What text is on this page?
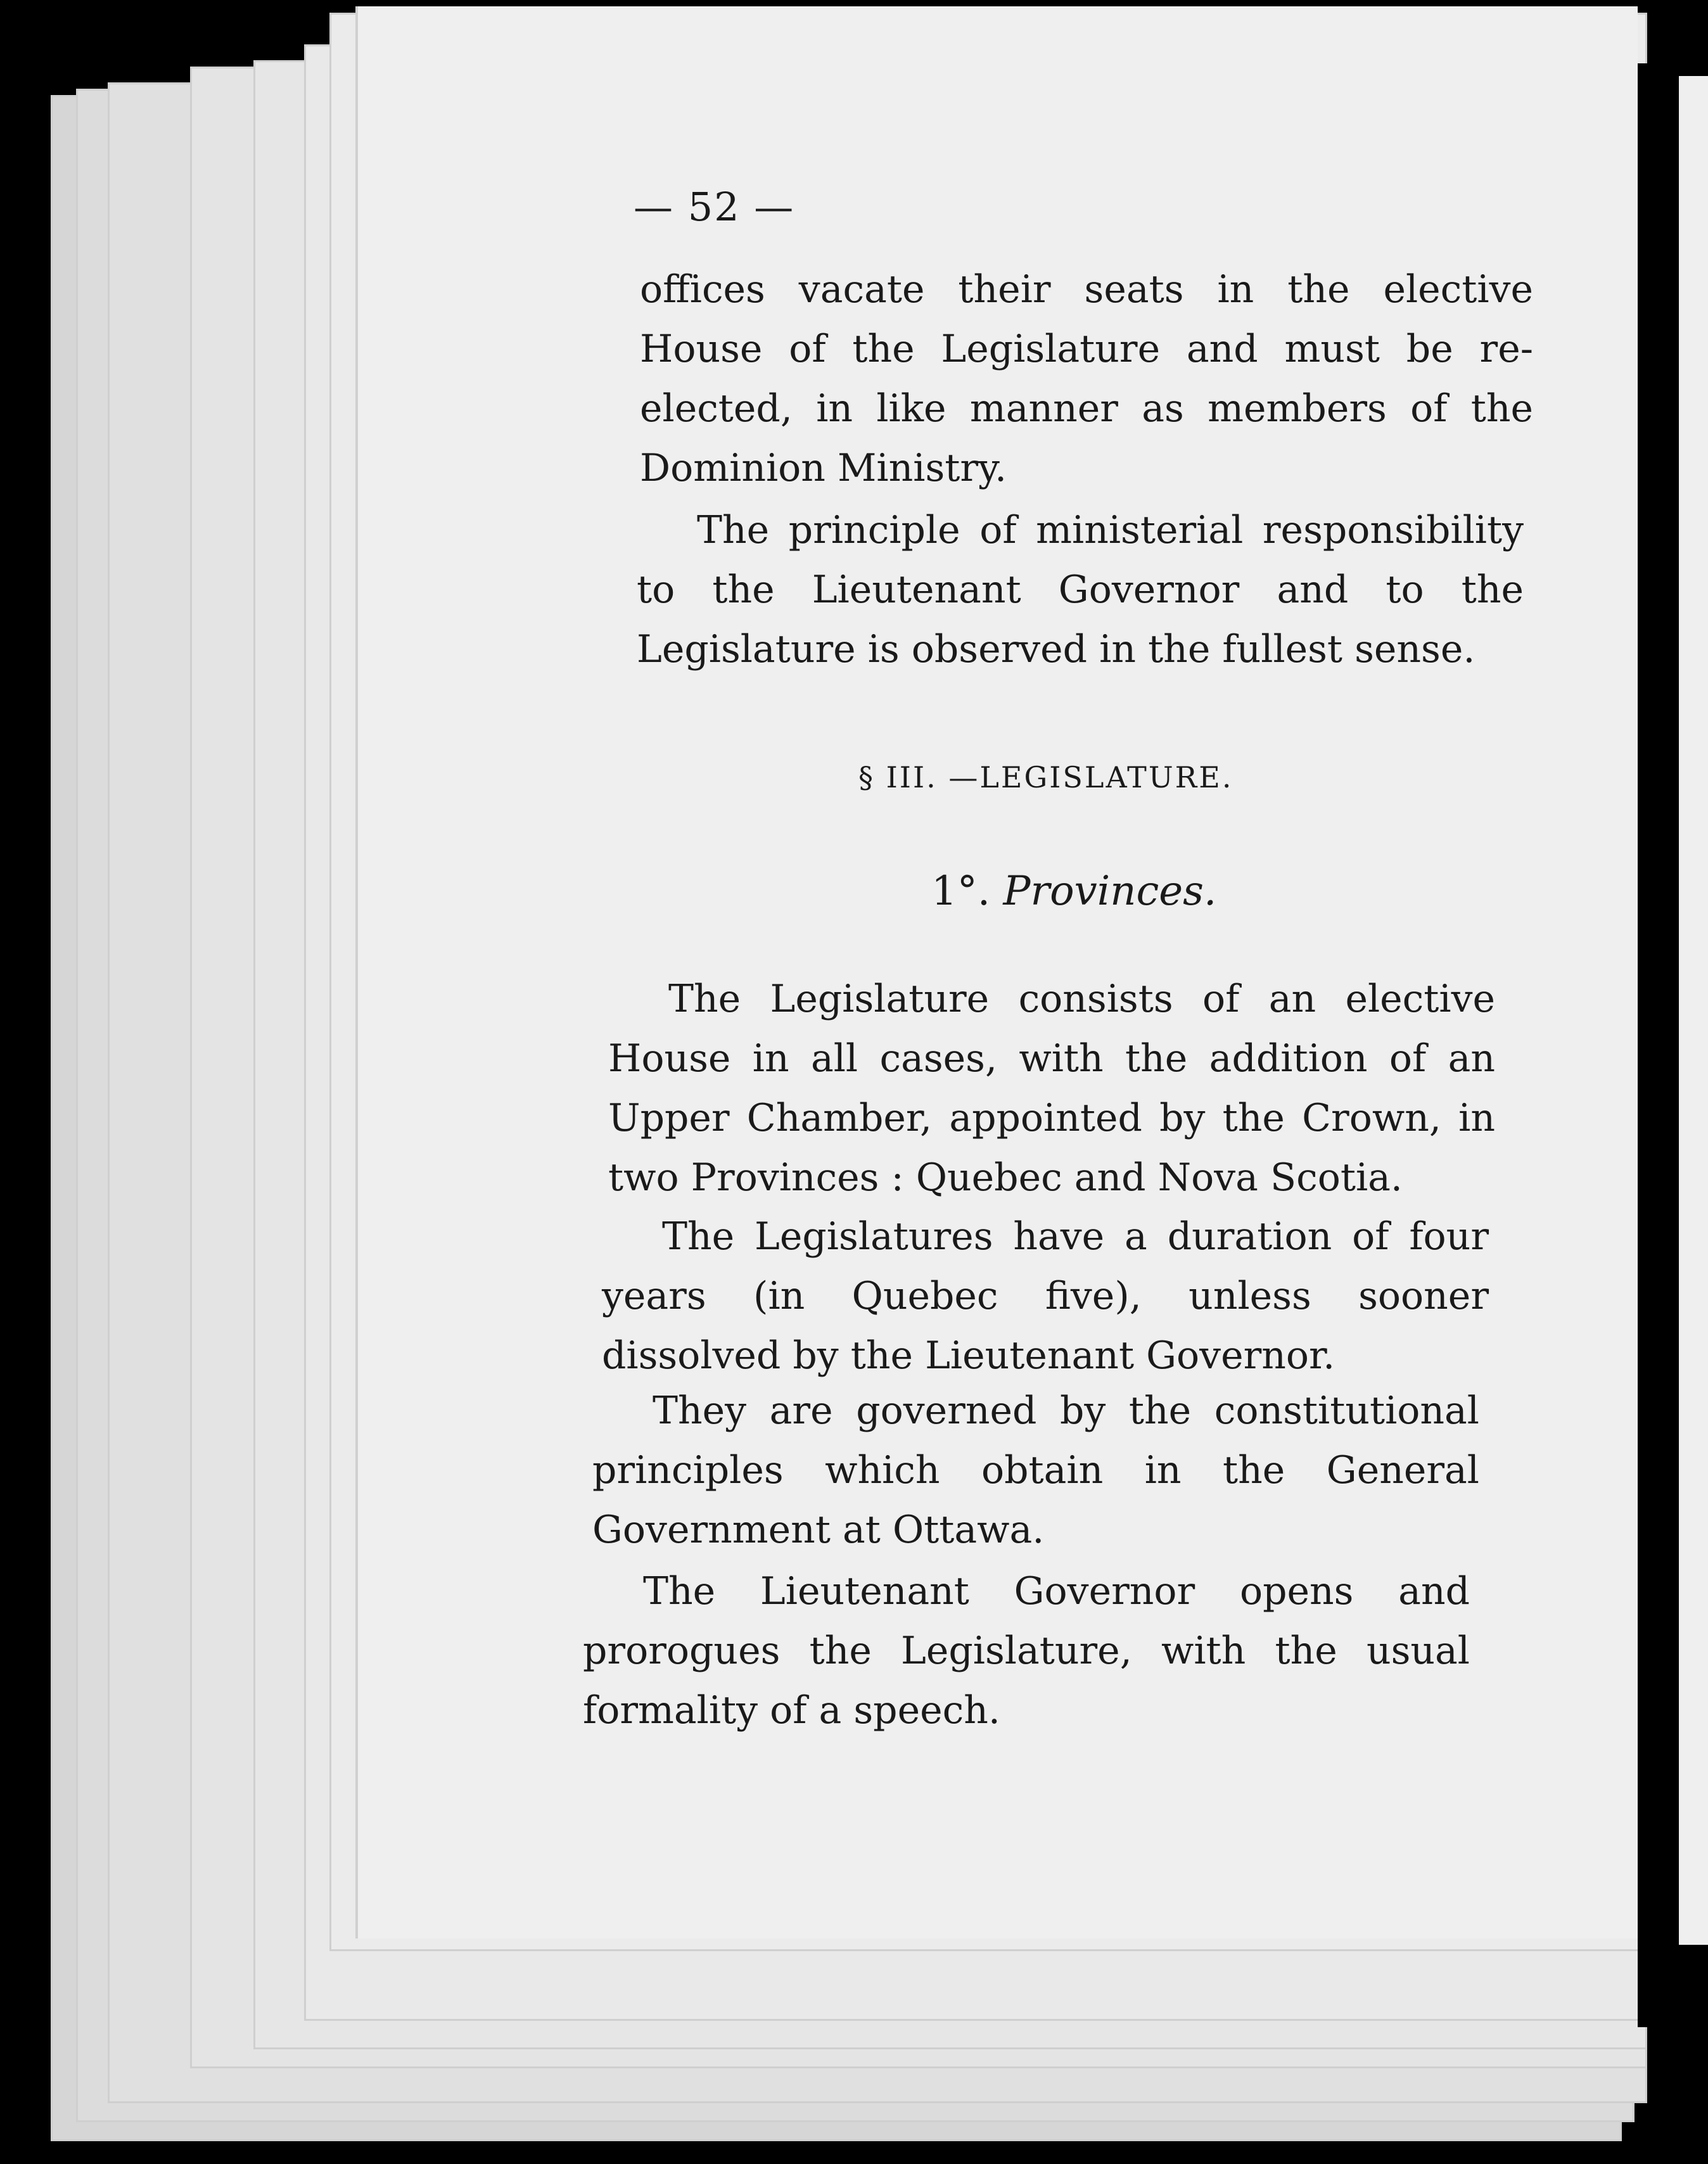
— 52 —
offices vacate their seats in the elective House of the Legislature and must be re-elected, in like manner as members of the Dominion Ministry.
The principle of ministerial responsibility to the Lieutenant Governor and to the Legislature is observed in the fullest sense.
§ III. —LEGISLATURE.
1°. Provinces.
The Legislature consists of an elective House in all cases, with the addition of an Upper Chamber, appointed by the Crown, in two Provinces : Quebec and Nova Scotia.
The Legislatures have a duration of four years (in Quebec five), unless sooner dissolved by the Lieutenant Governor.
They are governed by the constitutional principles which obtain in the General Government at Ottawa.
The Lieutenant Governor opens and prorogues the Legislature, with the usual formality of a speech.
